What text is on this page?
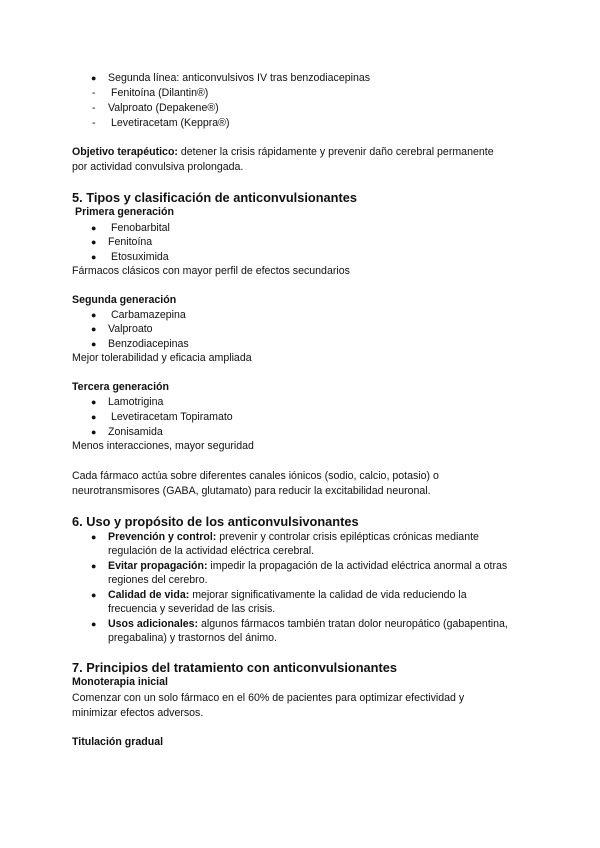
● Segunda línea: anticonvulsivos IV tras benzodiacepinas
- Fenitoína (Dilantin®)
- Valproato (Depakene®)
- Levetiracetam (Keppra®)
Objetivo terapéutico: detener la crisis rápidamente y prevenir daño cerebral permanente
por actividad convulsiva prolongada.
5. Tipos y clasificación de anticonvulsionantes
Primera generación
● Fenobarbital
● Fenitoína
● Etosuximida
Fármacos clásicos con mayor perfil de efectos secundarios
Segunda generación
● Carbamazepina
● Valproato
● Benzodiacepinas
Mejor tolerabilidad y eficacia ampliada
Tercera generación
● Lamotrigina
● Levetiracetam Topiramato
● Zonisamida
Menos interacciones, mayor seguridad
Cada fármaco actúa sobre diferentes canales iónicos (sodio, calcio, potasio) o
neurotransmisores (GABA, glutamato) para reducir la excitabilidad neuronal.
6. Uso y propósito de los anticonvulsivonantes
● Prevención y control: prevenir y controlar crisis epilépticas crónicas mediante
regulación de la actividad eléctrica cerebral.
● Evitar propagación: impedir la propagación de la actividad eléctrica anormal a otras
regiones del cerebro.
● Calidad de vida: mejorar significativamente la calidad de vida reduciendo la
frecuencia y severidad de las crisis.
● Usos adicionales: algunos fármacos también tratan dolor neuropático (gabapentina,
pregabalina) y trastornos del ánimo.
7. Principios del tratamiento con anticonvulsionantes
Monoterapia inicial
Comenzar con un solo fármaco en el 60% de pacientes para optimizar efectividad y
minimizar efectos adversos.
Titulación gradual
